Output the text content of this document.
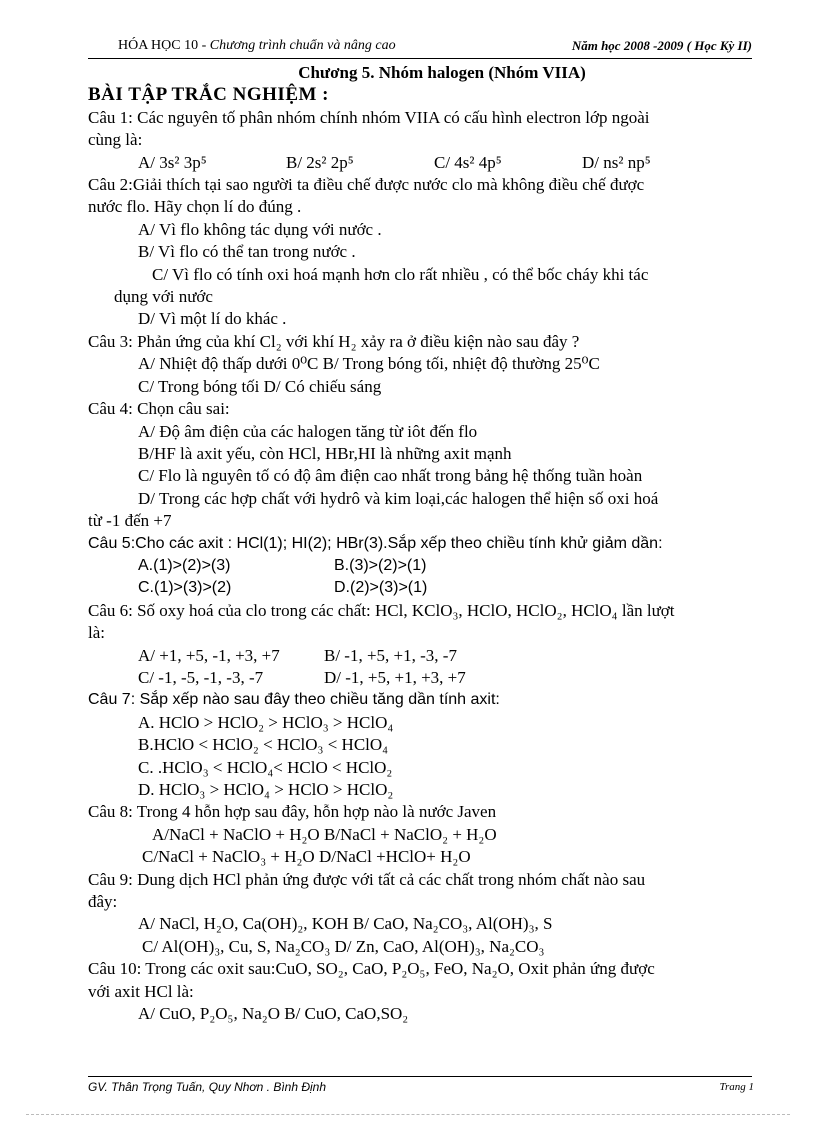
HÓA HỌC 10 - Chương trình chuẩn và nâng cao	Năm học 2008 -2009 ( Học Kỳ II)
Chương 5. Nhóm halogen (Nhóm VIIA)
BÀI TẬP TRẮC NGHIỆM :
Câu 1: Các nguyên tố phân nhóm chính nhóm VIIA có cấu hình electron lớp ngoài
cùng là:
A/ 3s² 3p⁵	B/ 2s² 2p⁵	C/ 4s² 4p⁵	D/ ns² np⁵
Câu 2:Giải thích tại sao người ta điều chế được nước clo mà không điều chế được
nước flo. Hãy chọn lí do đúng .
A/ Vì flo không tác dụng với nước .
B/ Vì flo có thể tan trong nước .
C/ Vì flo có tính oxi hoá mạnh hơn clo rất nhiều , có thể bốc cháy khi tác
dụng với nước
D/ Vì một lí do khác .
Câu 3: Phản ứng của khí Cl₂ với khí H₂ xảy ra ở điều kiện nào sau đây ?
A/ Nhiệt độ thấp dưới 0⁰C B/ Trong bóng tối, nhiệt độ thường 25⁰C
C/ Trong bóng tối D/ Có chiếu sáng
Câu 4: Chọn câu sai:
A/ Độ âm điện của các halogen tăng từ iôt đến flo
B/HF là axit yếu, còn HCl, HBr,HI là những axit mạnh
C/ Flo là nguyên tố có độ âm điện cao nhất trong bảng hệ thống tuần hoàn
D/ Trong các hợp chất với hydrô và kim loại,các halogen thể hiện số oxi hoá
từ -1 đến +7
Câu 5:Cho các axit : HCl(1); HI(2); HBr(3).Sắp xếp theo chiều tính khử giảm dần:
A.(1)>(2)>(3)	B.(3)>(2)>(1)
C.(1)>(3)>(2)	D.(2)>(3)>(1)
Câu 6: Số oxy hoá của clo trong các chất: HCl, KClO₃, HClO, HClO₂, HClO₄ lần lượt
là:
A/ +1, +5, -1, +3, +7	B/ -1, +5, +1, -3, -7
C/ -1, -5, -1, -3, -7	D/ -1, +5, +1, +3, +7
Câu 7: Sắp xếp nào sau đây theo chiều tăng dần tính axit:
A. HClO > HClO₂ > HClO₃ > HClO₄
B.HClO < HClO₂ < HClO₃ < HClO₄
C. .HClO₃ < HClO₄< HClO < HClO₂
D. HClO₃ > HClO₄ > HClO > HClO₂
Câu 8: Trong 4 hỗn hợp sau đây, hỗn hợp nào là nước Javen
A/NaCl + NaClO + H₂O B/NaCl + NaClO₂ + H₂O
C/NaCl + NaClO₃ + H₂O D/NaCl +HClO+ H₂O
Câu 9: Dung dịch HCl phản ứng được với tất cả các chất trong nhóm chất nào sau
đây:
A/ NaCl, H₂O, Ca(OH)₂, KOH B/ CaO, Na₂CO₃, Al(OH)₃, S
C/ Al(OH)₃, Cu, S, Na₂CO₃ D/ Zn, CaO, Al(OH)₃, Na₂CO₃
Câu 10: Trong các oxit sau:CuO, SO₂, CaO, P₂O₅, FeO, Na₂O, Oxit phản ứng được
với axit HCl là:
A/ CuO, P₂O₅, Na₂O B/ CuO, CaO,SO₂
GV. Thân Trọng Tuấn, Quy Nhơn . Bình Định	Trang 1
